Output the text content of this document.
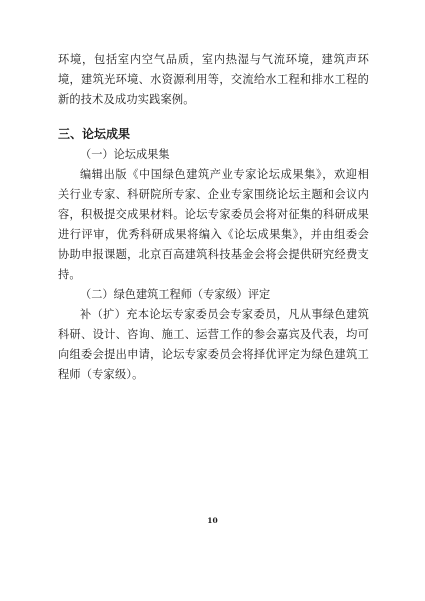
环境，包括室内空气品质，室内热湿与气流环境，建筑声环境，建筑光环境、水资源利用等，交流给水工程和排水工程的新的技术及成功实践案例。

三、论坛成果

（一）论坛成果集

编辑出版《中国绿色建筑产业专家论坛成果集》，欢迎相关行业专家、科研院所专家、企业专家围绕论坛主题和会议内容，积极提交成果材料。论坛专家委员会将对征集的科研成果进行评审，优秀科研成果将编入《论坛成果集》，并由组委会协助申报课题，北京百高建筑科技基金会将会提供研究经费支持。

（二）绿色建筑工程师（专家级）评定

补（扩）充本论坛专家委员会专家委员，凡从事绿色建筑科研、设计、咨询、施工、运营工作的参会嘉宾及代表，均可向组委会提出申请，论坛专家委员会将择优评定为绿色建筑工程师（专家级）。

10
